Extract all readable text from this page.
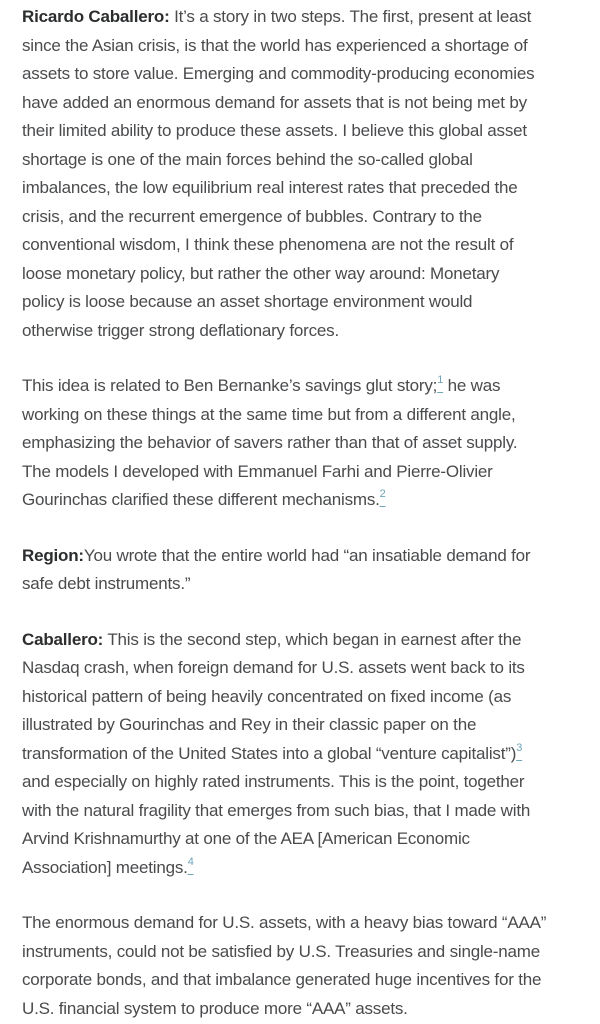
Ricardo Caballero: It’s a story in two steps. The first, present at least
since the Asian crisis, is that the world has experienced a shortage of
assets to store value. Emerging and commodity-producing economies
have added an enormous demand for assets that is not being met by
their limited ability to produce these assets. I believe this global asset
shortage is one of the main forces behind the so-called global
imbalances, the low equilibrium real interest rates that preceded the
crisis, and the recurrent emergence of bubbles. Contrary to the
conventional wisdom, I think these phenomena are not the result of
loose monetary policy, but rather the other way around: Monetary
policy is loose because an asset shortage environment would
otherwise trigger strong deflationary forces.

This idea is related to Ben Bernanke’s savings glut story;$^1$ he was
working on these things at the same time but from a different angle,
emphasizing the behavior of savers rather than that of asset supply.
The models I developed with Emmanuel Farhi and Pierre-Olivier
Gourinchas clarified these different mechanisms.$^2$

Region:You wrote that the entire world had “an insatiable demand for
safe debt instruments.”

Caballero: This is the second step, which began in earnest after the
Nasdaq crash, when foreign demand for U.S. assets went back to its
historical pattern of being heavily concentrated on fixed income (as
illustrated by Gourinchas and Rey in their classic paper on the
transformation of the United States into a global “venture capitalist”)$^3$
and especially on highly rated instruments. This is the point, together
with the natural fragility that emerges from such bias, that I made with
Arvind Krishnamurthy at one of the AEA [American Economic
Association] meetings.$^4$

The enormous demand for U.S. assets, with a heavy bias toward “AAA”
instruments, could not be satisfied by U.S. Treasuries and single-name
corporate bonds, and that imbalance generated huge incentives for the
U.S. financial system to produce more “AAA” assets.
